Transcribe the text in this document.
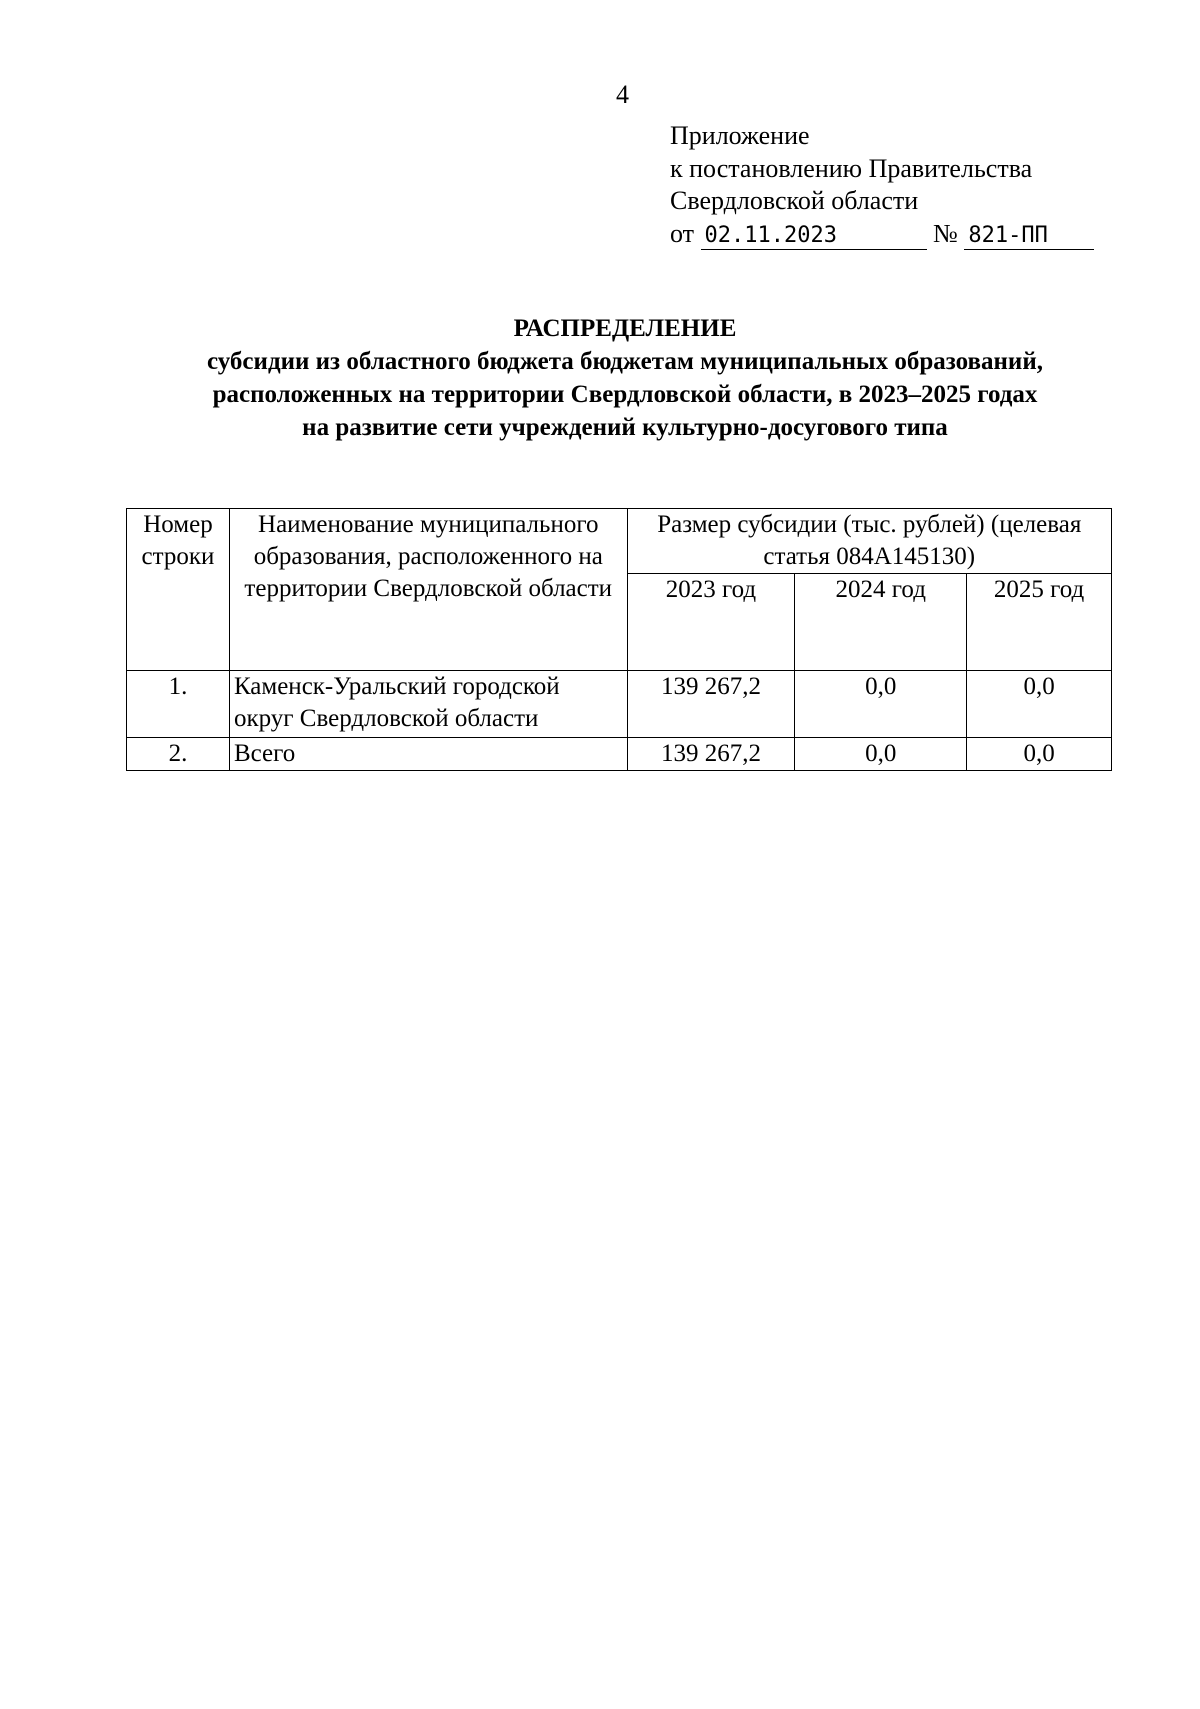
4
Приложение
к постановлению Правительства
Свердловской области
от 02.11.2023	№ 821-ПП
РАСПРЕДЕЛЕНИЕ
субсидии из областного бюджета бюджетам муниципальных образований,
расположенных на территории Свердловской области, в 2023–2025 годах
на развитие сети учреждений культурно-досугового типа
Номер строки	Наименование муниципального образования, расположенного на территории Свердловской области	Размер субсидии (тыс. рублей) (целевая статья 084А145130)		
		2023 год	2024 год	2025 год
1.	Каменск-Уральский городской округ Свердловской области	139 267,2	0,0	0,0
2.	Всего	139 267,2	0,0	0,0
